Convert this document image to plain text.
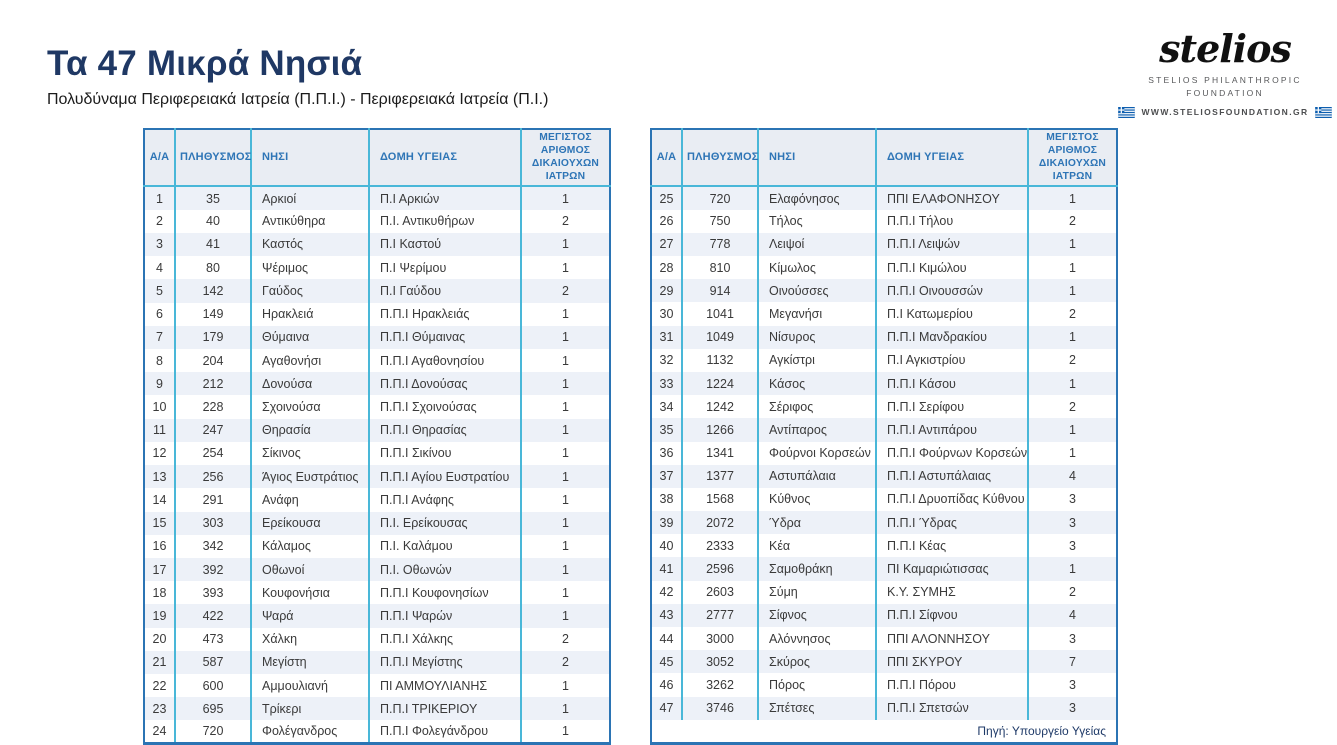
Τα 47 Μικρά Νησιά

Πολυδύναμα Περιφερειακά Ιατρεία (Π.Π.Ι.) - Περιφερειακά Ιατρεία (Π.Ι.)

stelios
STELIOS PHILANTHROPIC
FOUNDATION
WWW.STELIOSFOUNDATION.GR
Α/Α	ΠΛΗΘΥΣΜΟΣ	ΝΗΣΙ	ΔΟΜΗ ΥΓΕΙΑΣ	ΜΕΓΙΣΤΟΣ ΑΡΙΘΜΟΣ ΔΙΚΑΙΟΥΧΩΝ ΙΑΤΡΩΝ
1	35	Αρκιοί	Π.Ι Αρκιών	1
2	40	Αντικύθηρα	Π.Ι. Αντικυθήρων	2
3	41	Καστός	Π.Ι Καστού	1
4	80	Ψέριμος	Π.Ι Ψερίμου	1
5	142	Γαύδος	Π.Ι Γαύδου	2
6	149	Ηρακλειά	Π.Π.Ι Ηρακλειάς	1
7	179	Θύμαινα	Π.Π.Ι Θύμαινας	1
8	204	Αγαθονήσι	Π.Π.Ι Αγαθονησίου	1
9	212	Δονούσα	Π.Π.Ι Δονούσας	1
10	228	Σχοινούσα	Π.Π.Ι Σχοινούσας	1
11	247	Θηρασία	Π.Π.Ι Θηρασίας	1
12	254	Σίκινος	Π.Π.Ι Σικίνου	1
13	256	Άγιος Ευστράτιος	Π.Π.Ι Αγίου Ευστρατίου	1
14	291	Ανάφη	Π.Π.Ι Ανάφης	1
15	303	Ερείκουσα	Π.Ι. Ερείκουσας	1
16	342	Κάλαμος	Π.Ι. Καλάμου	1
17	392	Οθωνοί	Π.Ι. Οθωνών	1
18	393	Κουφονήσια	Π.Π.Ι Κουφονησίων	1
19	422	Ψαρά	Π.Π.Ι Ψαρών	1
20	473	Χάλκη	Π.Π.Ι Χάλκης	2
21	587	Μεγίστη	Π.Π.Ι Μεγίστης	2
22	600	Αμμουλιανή	ΠΙ ΑΜΜΟΥΛΙΑΝΗΣ	1
23	695	Τρίκερι	Π.Π.Ι ΤΡΙΚΕΡΙΟΥ	1
24	720	Φολέγανδρος	Π.Π.Ι Φολεγάνδρου	1
Α/Α	ΠΛΗΘΥΣΜΟΣ	ΝΗΣΙ	ΔΟΜΗ ΥΓΕΙΑΣ	ΜΕΓΙΣΤΟΣ ΑΡΙΘΜΟΣ ΔΙΚΑΙΟΥΧΩΝ ΙΑΤΡΩΝ
25	720	Ελαφόνησος	ΠΠΙ ΕΛΑΦΟΝΗΣΟΥ	1
26	750	Τήλος	Π.Π.Ι Τήλου	2
27	778	Λειψοί	Π.Π.Ι Λειψών	1
28	810	Κίμωλος	Π.Π.Ι Κιμώλου	1
29	914	Οινούσσες	Π.Π.Ι Οινουσσών	1
30	1041	Μεγανήσι	Π.Ι Κατωμερίου	2
31	1049	Νίσυρος	Π.Π.Ι Μανδρακίου	1
32	1132	Αγκίστρι	Π.Ι Αγκιστρίου	2
33	1224	Κάσος	Π.Π.Ι Κάσου	1
34	1242	Σέριφος	Π.Π.Ι Σερίφου	2
35	1266	Αντίπαρος	Π.Π.Ι Αντιπάρου	1
36	1341	Φούρνοι Κορσεών	Π.Π.Ι Φούρνων Κορσεών	1
37	1377	Αστυπάλαια	Π.Π.Ι Αστυπάλαιας	4
38	1568	Κύθνος	Π.Π.Ι Δρυοπίδας Κύθνου	3
39	2072	Ύδρα	Π.Π.Ι Ύδρας	3
40	2333	Κέα	Π.Π.Ι Κέας	3
41	2596	Σαμοθράκη	ΠΙ Καμαριώτισσας	1
42	2603	Σύμη	Κ.Υ. ΣΥΜΗΣ	2
43	2777	Σίφνος	Π.Π.Ι Σίφνου	4
44	3000	Αλόννησος	ΠΠΙ ΑΛΟΝΝΗΣΟΥ	3
45	3052	Σκύρος	ΠΠΙ ΣΚΥΡΟΥ	7
46	3262	Πόρος	Π.Π.Ι Πόρου	3
47	3746	Σπέτσες	Π.Π.Ι Σπετσών	3
Πηγή: Υπουργείο Υγείας				
